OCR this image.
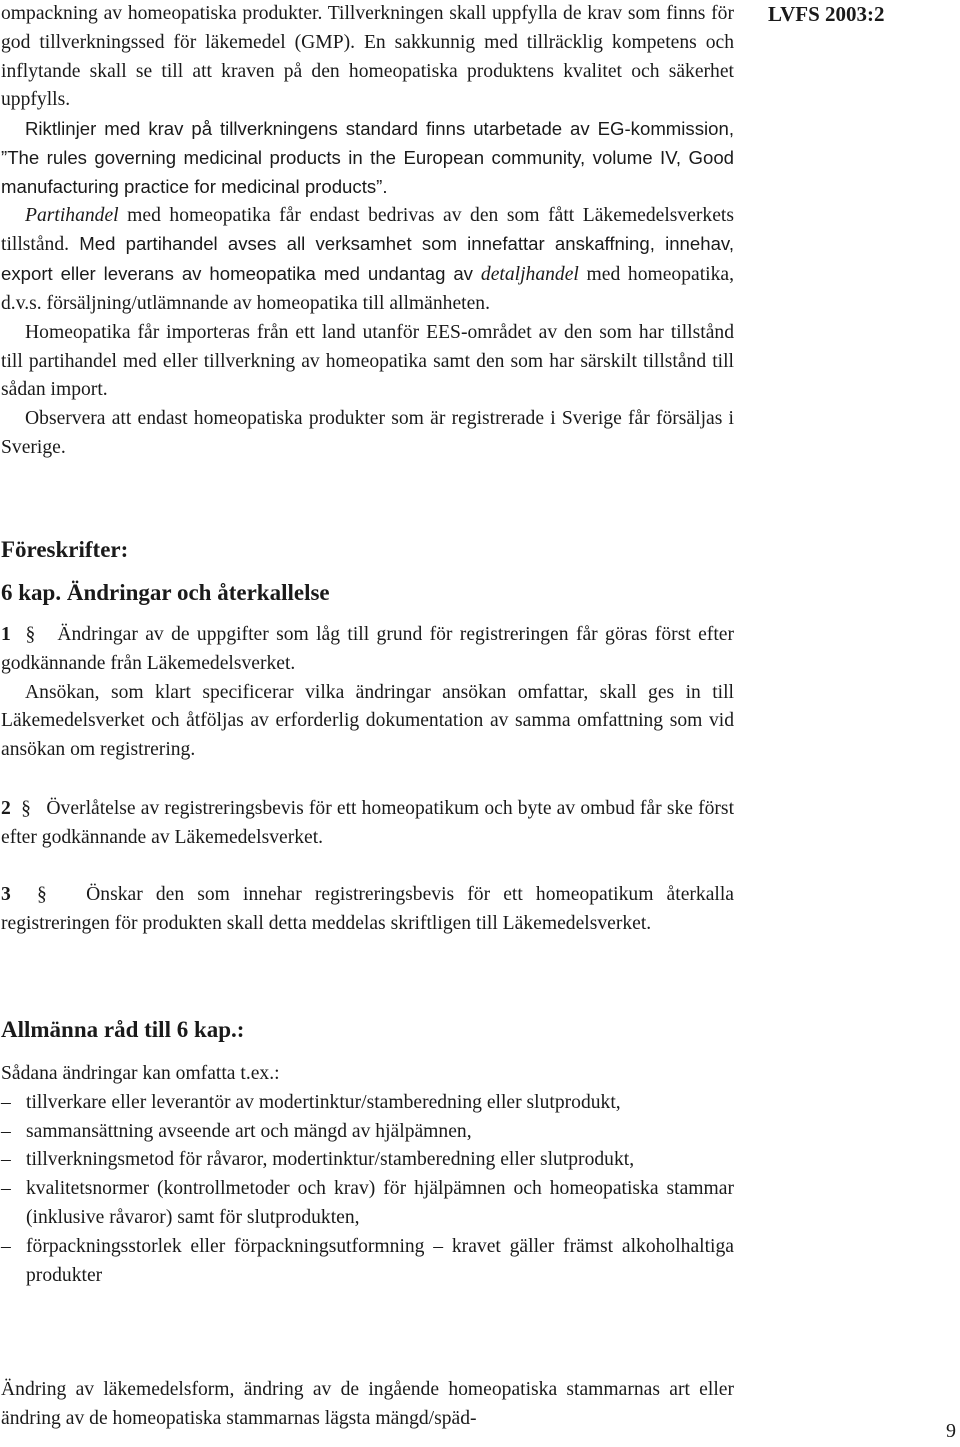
LVFS 2003:2

ompackning av homeopatiska produkter. Tillverkningen skall uppfylla de krav som finns för god tillverkningssed för läkemedel (GMP). En sakkunnig med tillräcklig kompetens och inflytande skall se till att kraven på den homeopatiska produktens kvalitet och säkerhet uppfylls.

Riktlinjer med krav på tillverkningens standard finns utarbetade av EG-kommission, ”The rules governing medicinal products in the European community, volume IV, Good manufacturing practice for medicinal products”.

Partihandel med homeopatika får endast bedrivas av den som fått Läkemedelsverkets tillstånd. Med partihandel avses all verksamhet som innefattar anskaffning, innehav, export eller leverans av homeopatika med undantag av detaljhandel med homeopatika, d.v.s. försäljning/utlämnande av homeopatika till allmänheten.

Homeopatika får importeras från ett land utanför EES-området av den som har tillstånd till partihandel med eller tillverkning av homeopatika samt den som har särskilt tillstånd till sådan import.

Observera att endast homeopatiska produkter som är registrerade i Sverige får försäljas i Sverige.

Föreskrifter:
6 kap. Ändringar och återkallelse

1 § Ändringar av de uppgifter som låg till grund för registreringen får göras först efter godkännande från Läkemedelsverket.

Ansökan, som klart specificerar vilka ändringar ansökan omfattar, skall ges in till Läkemedelsverket och åtföljas av erforderlig dokumentation av samma omfattning som vid ansökan om registrering.

2 § Överlåtelse av registreringsbevis för ett homeopatikum och byte av ombud får ske först efter godkännande av Läkemedelsverket.

3 § Önskar den som innehar registreringsbevis för ett homeopatikum återkalla registreringen för produkten skall detta meddelas skriftligen till Läkemedelsverket.

Allmänna råd till 6 kap.:

Sådana ändringar kan omfatta t.ex.:

– tillverkare eller leverantör av modertinktur/stamberedning eller slutprodukt,
– sammansättning avseende art och mängd av hjälpämnen,
– tillverkningsmetod för råvaror, modertinktur/stamberedning eller slutprodukt,
– kvalitetsnormer (kontrollmetoder och krav) för hjälpämnen och homeopatiska stammar (inklusive råvaror) samt för slutprodukten,
– förpackningsstorlek eller förpackningsutformning – kravet gäller främst alkoholhaltiga produkter

Ändring av läkemedelsform, ändring av de ingående homeopatiska stammarnas art eller ändring av de homeopatiska stammarnas lägsta mängd/späd-

9
